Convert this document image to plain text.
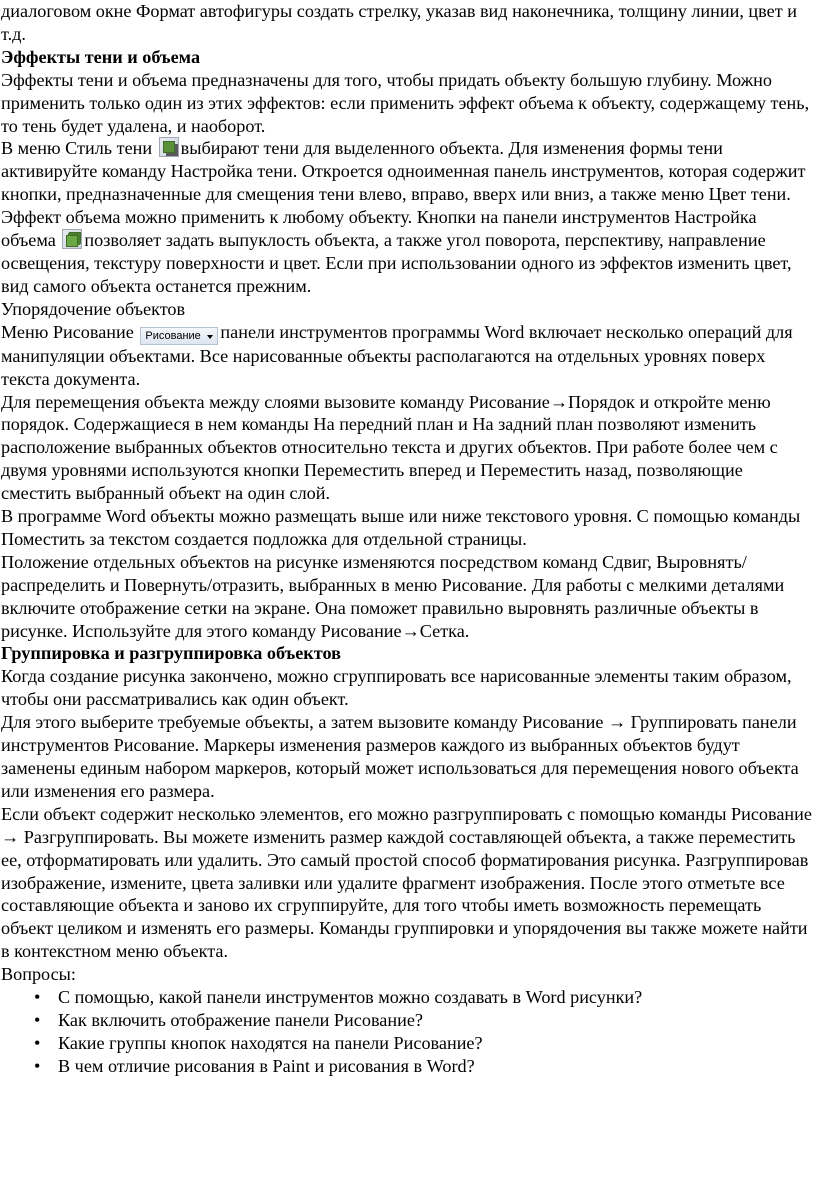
диалоговом окне Формат автофигуры создать стрелку, указав вид наконечника, толщину линии, цвет и т.д.

Эффекты тени и объема

Эффекты тени и объема предназначены для того, чтобы придать объекту большую глубину. Можно применить только один из этих эффектов: если применить эффект объема к объекту, содержащему тень, то тень будет удалена, и наоборот.

В меню Стиль тени выбирают тени для выделенного объекта. Для изменения формы тени активируйте команду Настройка тени. Откроется одноименная панель инструментов, которая содержит кнопки, предназначенные для смещения тени влево, вправо, вверх или вниз, а также меню Цвет тени.

Эффект объема можно применить к любому объекту. Кнопки на панели инструментов Настройка объема позволяет задать выпуклость объекта, а также угол поворота, перспективу, направление освещения, текстуру поверхности и цвет. Если при использовании одного из эффектов изменить цвет, вид самого объекта останется прежним.

Упорядочение объектов

Меню Рисование Рисование панели инструментов программы Word включает несколько операций для манипуляции объектами. Все нарисованные объекты располагаются на отдельных уровнях поверх текста документа.

Для перемещения объекта между слоями вызовите команду Рисование→Порядок и откройте меню порядок. Содержащиеся в нем команды На передний план и На задний план позволяют изменить расположение выбранных объектов относительно текста и других объектов. При работе более чем с двумя уровнями используются кнопки Переместить вперед и Переместить назад, позволяющие сместить выбранный объект на один слой.

В программе Word объекты можно размещать выше или ниже текстового уровня. С помощью команды Поместить за текстом создается подложка для отдельной страницы.

Положение отдельных объектов на рисунке изменяются посредством команд Сдвиг, Выровнять/распределить и Повернуть/отразить, выбранных в меню Рисование. Для работы с мелкими деталями включите отображение сетки на экране. Она поможет правильно выровнять различные объекты в рисунке. Используйте для этого команду Рисование→Сетка.

Группировка и разгруппировка объектов

Когда создание рисунка закончено, можно сгруппировать все нарисованные элементы таким образом, чтобы они рассматривались как один объект.

Для этого выберите требуемые объекты, а затем вызовите команду Рисование → Группировать панели инструментов Рисование. Маркеры изменения размеров каждого из выбранных объектов будут заменены единым набором маркеров, который может использоваться для перемещения нового объекта или изменения его размера.

Если объект содержит несколько элементов, его можно разгруппировать с помощью команды Рисование → Разгруппировать. Вы можете изменить размер каждой составляющей объекта, а также переместить ее, отформатировать или удалить. Это самый простой способ форматирования рисунка. Разгруппировав изображение, измените, цвета заливки или удалите фрагмент изображения. После этого отметьте все составляющие объекта и заново их сгруппируйте, для того чтобы иметь возможность перемещать объект целиком и изменять его размеры. Команды группировки и упорядочения вы также можете найти в контекстном меню объекта.

Вопросы:

• С помощью, какой панели инструментов можно создавать в Word рисунки?
• Как включить отображение панели Рисование?
• Какие группы кнопок находятся на панели Рисование?
• В чем отличие рисования в Paint и рисования в Word?
